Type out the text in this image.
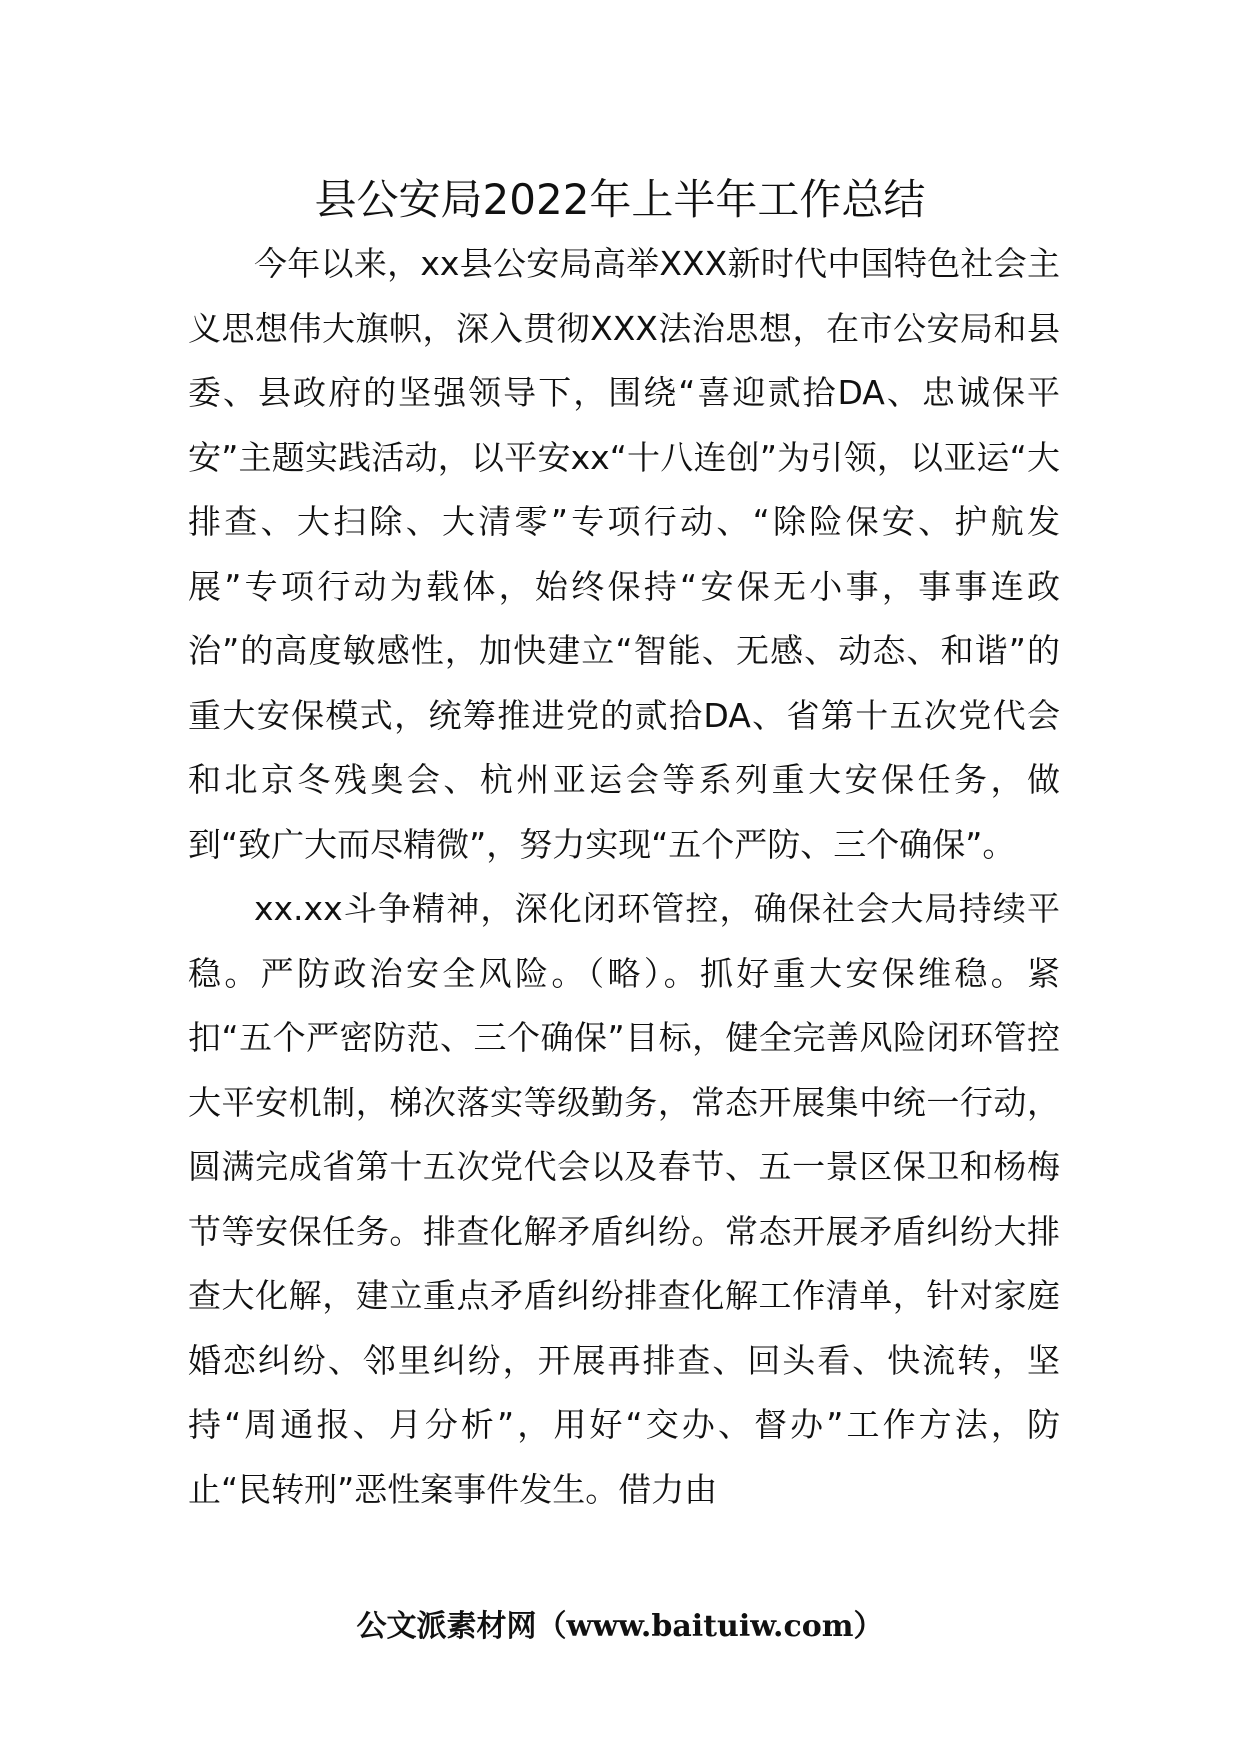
县公安局2022年上半年工作总结

今年以来，xx县公安局高举XXX新时代中国特色社会主义思想伟大旗帜，深入贯彻XXX法治思想，在市公安局和县委、县政府的坚强领导下，围绕“喜迎贰拾DA、忠诚保平安”主题实践活动，以平安xx“十八连创”为引领，以亚运“大排查、大扫除、大清零”专项行动、“除险保安、护航发展”专项行动为载体，始终保持“安保无小事，事事连政治”的高度敏感性，加快建立“智能、无感、动态、和谐”的重大安保模式，统筹推进党的贰拾DA、省第十五次党代会和北京冬残奥会、杭州亚运会等系列重大安保任务，做到“致广大而尽精微”，努力实现“五个严防、三个确保”。

xx.xx斗争精神，深化闭环管控，确保社会大局持续平稳。严防政治安全风险。（略）。抓好重大安保维稳。紧扣“五个严密防范、三个确保”目标，健全完善风险闭环管控大平安机制，梯次落实等级勤务，常态开展集中统一行动，圆满完成省第十五次党代会以及春节、五一景区保卫和杨梅节等安保任务。排查化解矛盾纠纷。常态开展矛盾纠纷大排查大化解，建立重点矛盾纠纷排查化解工作清单，针对家庭婚恋纠纷、邻里纠纷，开展再排查、回头看、快流转，坚持“周通报、月分析”，用好“交办、督办”工作方法，防止“民转刑”恶性案事件发生。借力由

公文派素材网（www.baituiw.com）
